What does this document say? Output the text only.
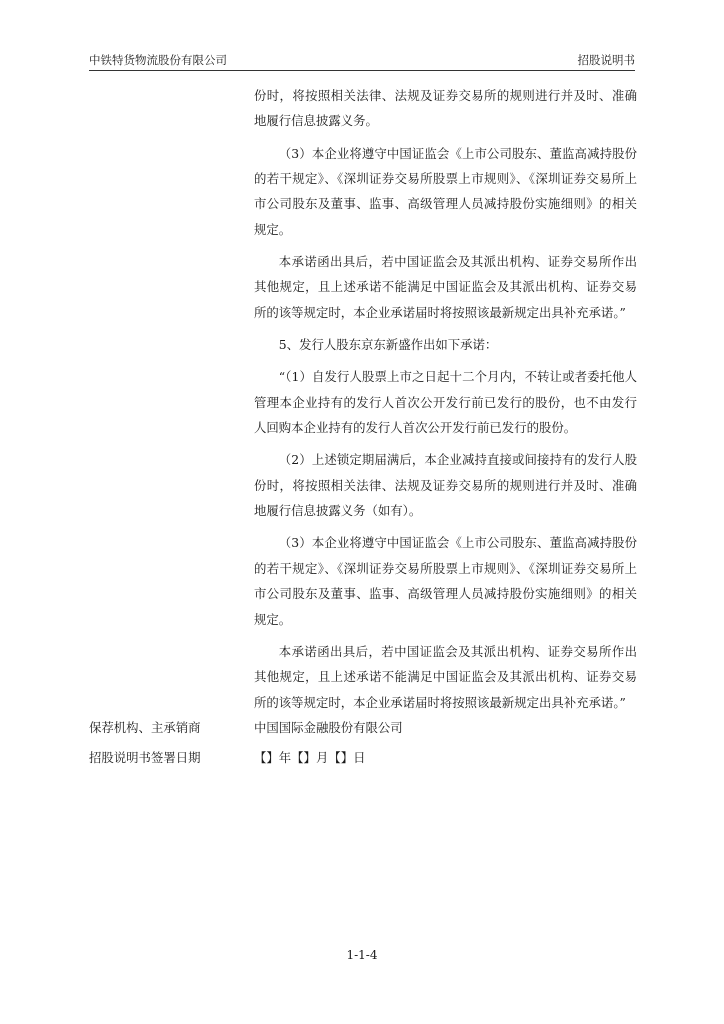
中铁特货物流股份有限公司	招股说明书

份时，将按照相关法律、法规及证券交易所的规则进行并及时、准确地履行信息披露义务。

（3）本企业将遵守中国证监会《上市公司股东、董监高减持股份的若干规定》、《深圳证券交易所股票上市规则》、《深圳证券交易所上市公司股东及董事、监事、高级管理人员减持股份实施细则》的相关规定。

本承诺函出具后，若中国证监会及其派出机构、证券交易所作出其他规定，且上述承诺不能满足中国证监会及其派出机构、证券交易所的该等规定时，本企业承诺届时将按照该最新规定出具补充承诺。”

5、发行人股东京东新盛作出如下承诺：

“（1）自发行人股票上市之日起十二个月内，不转让或者委托他人管理本企业持有的发行人首次公开发行前已发行的股份，也不由发行人回购本企业持有的发行人首次公开发行前已发行的股份。

（2）上述锁定期届满后，本企业减持直接或间接持有的发行人股份时，将按照相关法律、法规及证券交易所的规则进行并及时、准确地履行信息披露义务（如有）。

（3）本企业将遵守中国证监会《上市公司股东、董监高减持股份的若干规定》、《深圳证券交易所股票上市规则》、《深圳证券交易所上市公司股东及董事、监事、高级管理人员减持股份实施细则》的相关规定。

本承诺函出具后，若中国证监会及其派出机构、证券交易所作出其他规定，且上述承诺不能满足中国证监会及其派出机构、证券交易所的该等规定时，本企业承诺届时将按照该最新规定出具补充承诺。”

保荐机构、主承销商	中国国际金融股份有限公司
招股说明书签署日期	【】年【】月【】日
1-1-4
